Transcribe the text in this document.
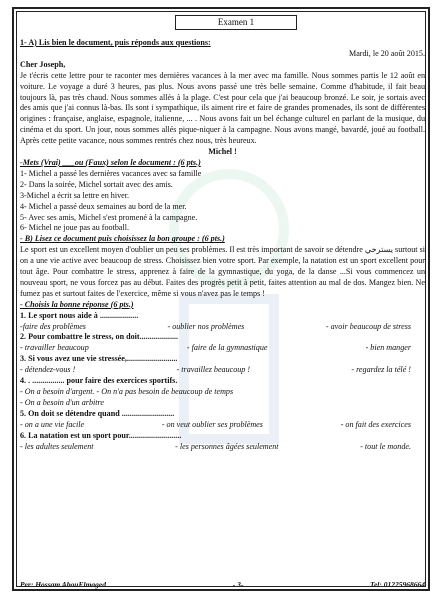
Examen 1

1- A) Lis bien le document, puis réponds aux questions:

Mardi, le 20 août 2015.

Cher Joseph,

Je t'écris cette lettre pour te raconter mes dernières vacances à la mer avec ma famille. Nous sommes partis le 12 août en voiture. Le voyage a duré 3 heures, pas plus. Nous avons passé une très belle semaine. Comme d'habitude, il fait beau toujours là, pas très chaud. Nous sommes allés à la plage. C'est pour cela que j'ai beaucoup bronzé. Le soir, je sortais avec des amis que j'ai connus là-bas. Ils sont i sympathique, ils aiment rire et faire de grandes promenades, ils sont de différentes origines : française, anglaise, espagnole, italienne, ... . Nous avons fait un bel échange culturel en parlant de la musique, du cinéma et du sport. Un jour, nous sommes allés pique-niquer à la campagne. Nous avons mangé, bavardé, joué au football. Après cette petite vacance, nous sommes rentrés chez nous, très heureux.

Michel !

-Mets (Vrai) ___ou (Faux) selon le document : (6 pts.)

1- Michel a passé les dernières vacances avec sa famille

2- Dans la soirée, Michel sortait avec des amis.

3-Michel a écrit sa lettre en hiver.

4- Michel a passé deux semaines au bord de la mer.

5- Avec ses amis, Michel s'est promené à la campagne.

6- Michel ne joue pas au football.

- B) Lisez ce document puis choisissez la bon groupe : (6 pts.)

Le sport est un excellent moyen d'oublier un peu ses problèmes. Il est très important de savoir se détendre يسترخي surtout si on a une vie active avec beaucoup de stress. Choisissez bien votre sport. Par exemple, la natation est un sport excellent pour tout âge. Pour combattre le stress, apprenez à faire de la gymnastique, du yoga, de la danse ...Si vous commencez un nouveau sport, ne vous forcez pas au début. Faites des progrès petit à petit, faites attention au mal de dos. Mangez bien. Ne fumez pas et surtout faites de l'exercice, même si vous n'avez pas le temps !

- Choisis la bonne réponse (6 pts.)

1. Le sport nous aide à ...................

-faire des problèmes	- oublier nos problèmes	- avoir beaucoup de stress

2. Pour combattre le stress, on doit...................

- travailler beaucoup	- faire de la gymnastique	- bien manger

3. Si vous avez une vie stressée,.........................

- détendez-vous !	- travaillez beaucoup !	- regardez la télé !

4. . ................ pour faire des exercices sportifs.

- On a besoin d'argent. - On n'a pas besoin de beaucoup de temps

- On a besoin d'un arbitre

5. On doit se détendre quand ..........................

- on a une vie facile	- on veut oublier ses problèmes	- on fait des exercices

6. La natation est un sport pour..........................

- les adultes seulement	- les personnes âgées seulement	- tout le monde.
Per: Hossam AbouElmaged	- 3-	Tel: 01225968664
